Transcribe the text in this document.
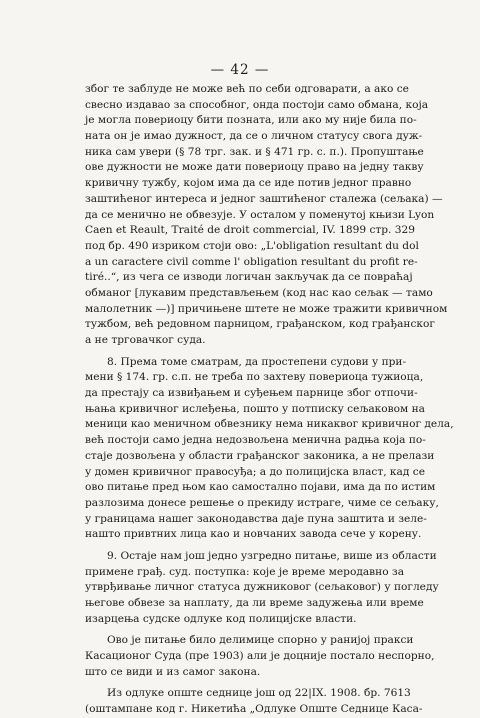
— 42 —
због те заблуде не може већ по себи одговарати, а ако се
свесно издавао за способног, онда постоји само обмана, која
је могла повериоцу бити позната, или ако му није била по-
ната он је имао дужност, да се о личном статусу свога дуж-
ника сам увери (§ 78 трг. зак. и § 471 гр. с. п.). Пропуштање
ове дужности не може дати повериоцу право на једну такву
кривичну тужбу, којом има да се иде потив једног правно
заштићеног интереса и једног заштићеног сталежа (сељака) —
да се менично не обвезује. У осталом у поменутој књизи Lyon
Caen et Reault, Traité de droit commercial, IV. 1899 стр. 329
под бр. 490 изриком стоји ово: „L'obligation resultant du dol
a un caractere civil comme l' obligation resultant du profit re-
tiré..“, из чега се изводи логичан закључак да се повраћај
обманог [лукавим представљењем (код нас као сељак — тамо
малолетник —)] причињене штете не може тражити кривичном
тужбом, већ редовном парницом, грађанском, код грађанског
а не трговачког суда.
8. Према томе сматрам, да простепени судови у при-
мени § 174. гр. с.п. не треба по захтеву повериоца тужиоца,
да престају са извиђањем и суђењем парнице због отпочи-
њања кривичног ислеђења, пошто у потписку сељаковом на
меници као меничном обвезнику нема никаквог кривичног дела,
већ постоји само једна недозвољена менична радња која по-
стаје дозвољена у области грађанског законика, а не прелази
у домен кривичног правосуђа; а до полицијска власт, кад се
ово питање пред њом као самостално појави, има да по истим
разлозима донесе решење о прекиду истраге, чиме се сељаку,
у границама нашег законодавства даје пуна заштита и зеле-
нашто привтних лица као и новчаних завода сече у корену.
9. Остаје нам још једно узгредно питање, више из области
примене грађ. суд. поступка: које је време меродавно за
утврђивање личног статуса дужниковог (сељаковог) у погледу
његове обвезе за наплату, да ли време задужења или време
изарцења судске одлуке код полицијске власти.
Ово је питање било делимице спорно у ранијој пракси
Касационог Суда (пре 1903) али је доцније постало неспорно,
што се види и из самог закона.
Из одлуке опште седнице још од 22|IX. 1908. бр. 7613
(оштампане код г. Никетића „Одлуке Опште Седнице Каса-
